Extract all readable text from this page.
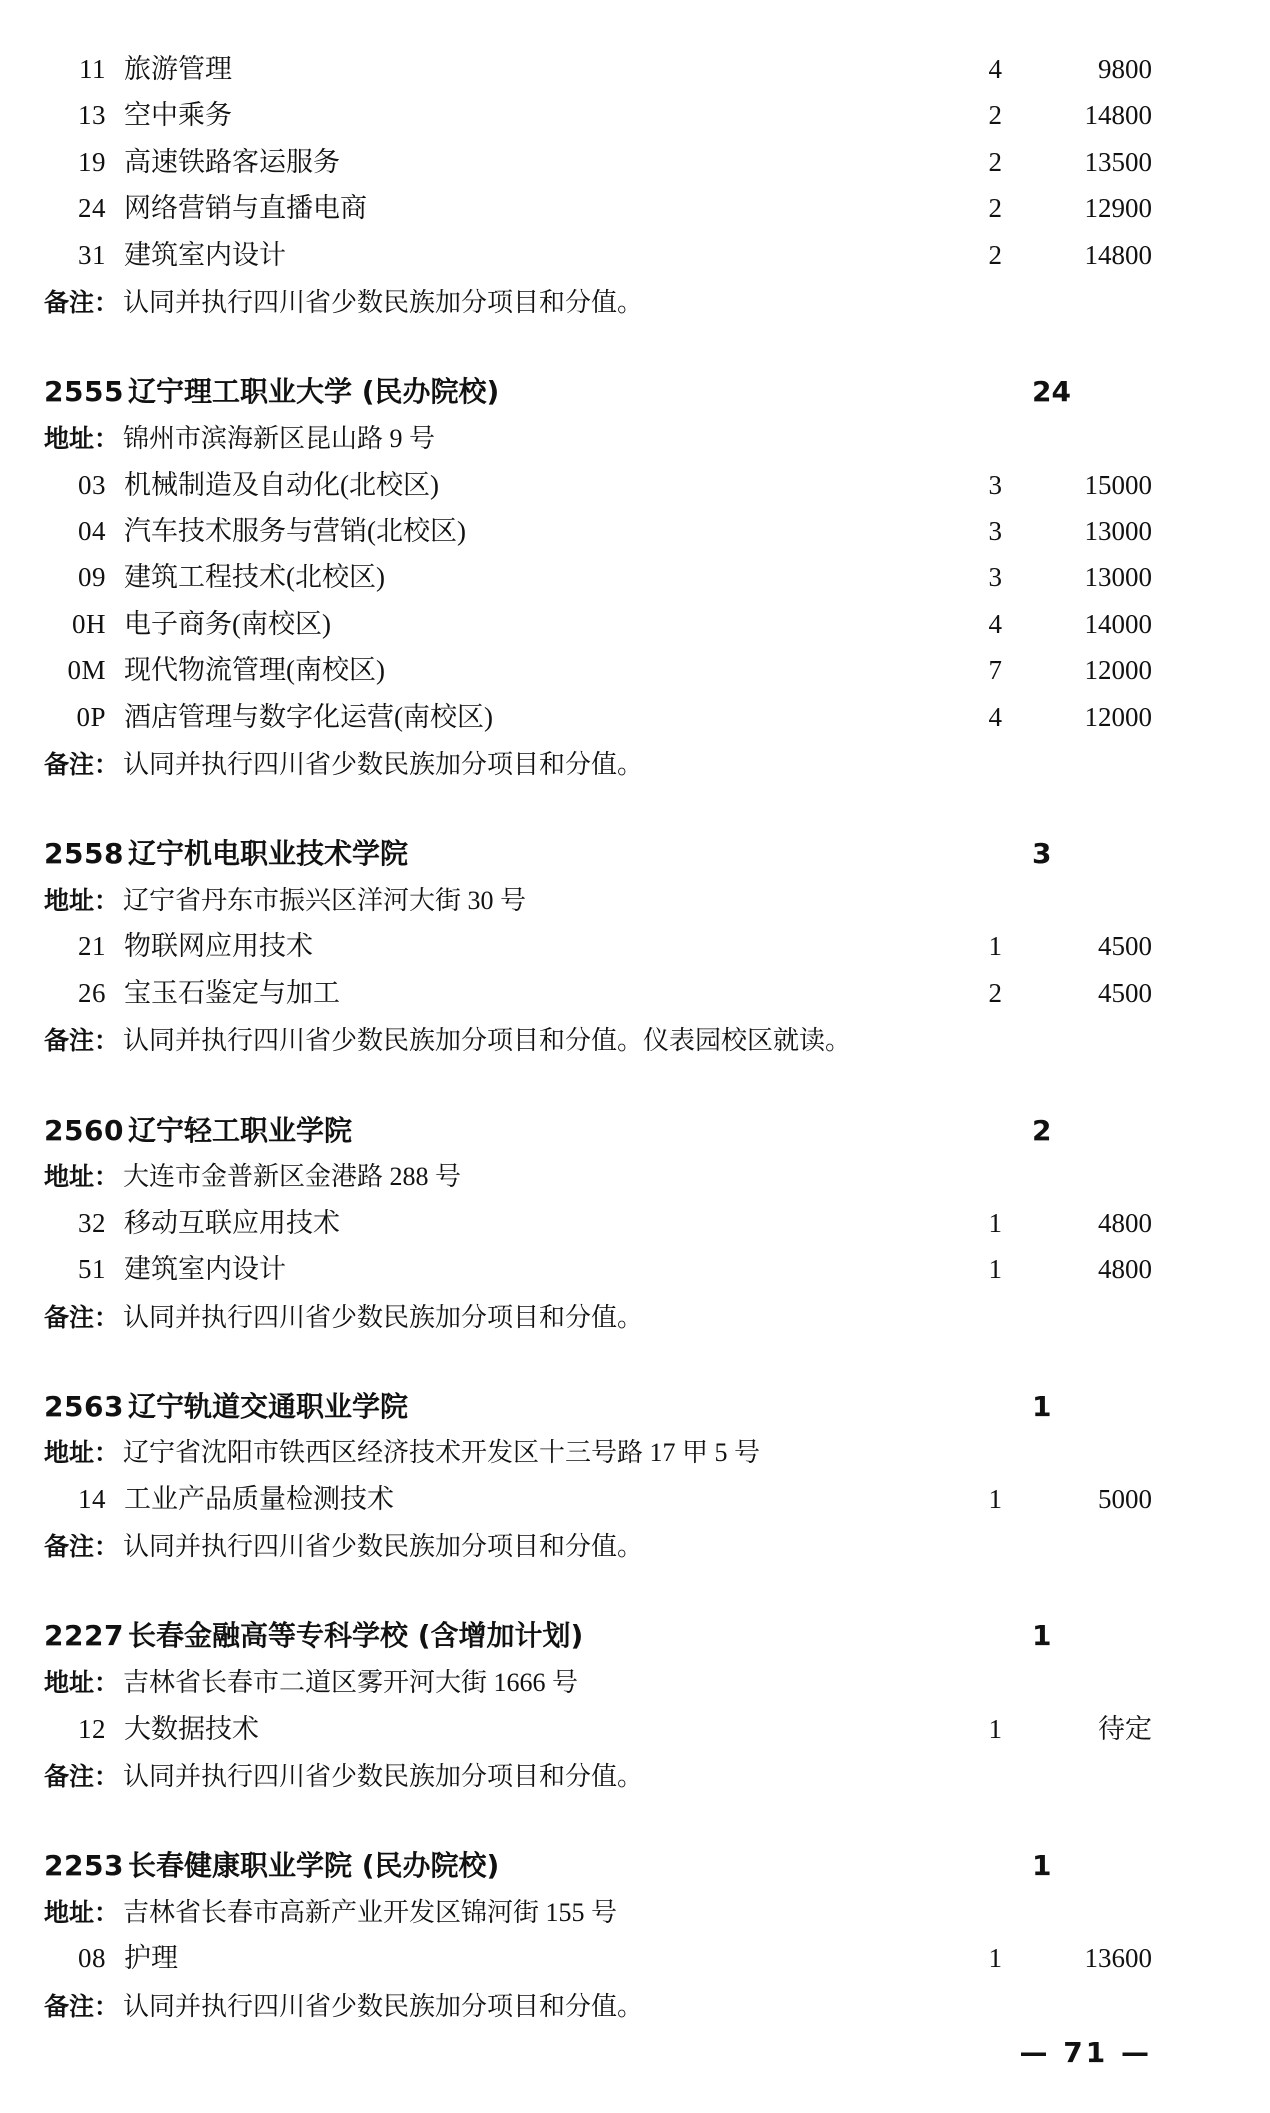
11 旅游管理	4	9800
13 空中乘务	2	14800
19 高速铁路客运服务	2	13500
24 网络营销与直播电商	2	12900
31 建筑室内设计	2	14800
备注： 认同并执行四川省少数民族加分项目和分值。
2555 辽宁理工职业大学 (民办院校)	24
地址： 锦州市滨海新区昆山路 9 号
03 机械制造及自动化(北校区)	3	15000
04 汽车技术服务与营销(北校区)	3	13000
09 建筑工程技术(北校区)	3	13000
0H 电子商务(南校区)	4	14000
0M 现代物流管理(南校区)	7	12000
0P 酒店管理与数字化运营(南校区)	4	12000
备注： 认同并执行四川省少数民族加分项目和分值。
2558 辽宁机电职业技术学院	3
地址： 辽宁省丹东市振兴区洋河大街 30 号
21 物联网应用技术	1	4500
26 宝玉石鉴定与加工	2	4500
备注： 认同并执行四川省少数民族加分项目和分值。仪表园校区就读。
2560 辽宁轻工职业学院	2
地址： 大连市金普新区金港路 288 号
32 移动互联应用技术	1	4800
51 建筑室内设计	1	4800
备注： 认同并执行四川省少数民族加分项目和分值。
2563 辽宁轨道交通职业学院	1
地址： 辽宁省沈阳市铁西区经济技术开发区十三号路 17 甲 5 号
14 工业产品质量检测技术	1	5000
备注： 认同并执行四川省少数民族加分项目和分值。
2227 长春金融高等专科学校 (含增加计划)	1
地址： 吉林省长春市二道区雾开河大街 1666 号
12 大数据技术	1	待定
备注： 认同并执行四川省少数民族加分项目和分值。
2253 长春健康职业学院 (民办院校)	1
地址： 吉林省长春市高新产业开发区锦河街 155 号
08 护理	1	13600
备注： 认同并执行四川省少数民族加分项目和分值。
— 71 —
